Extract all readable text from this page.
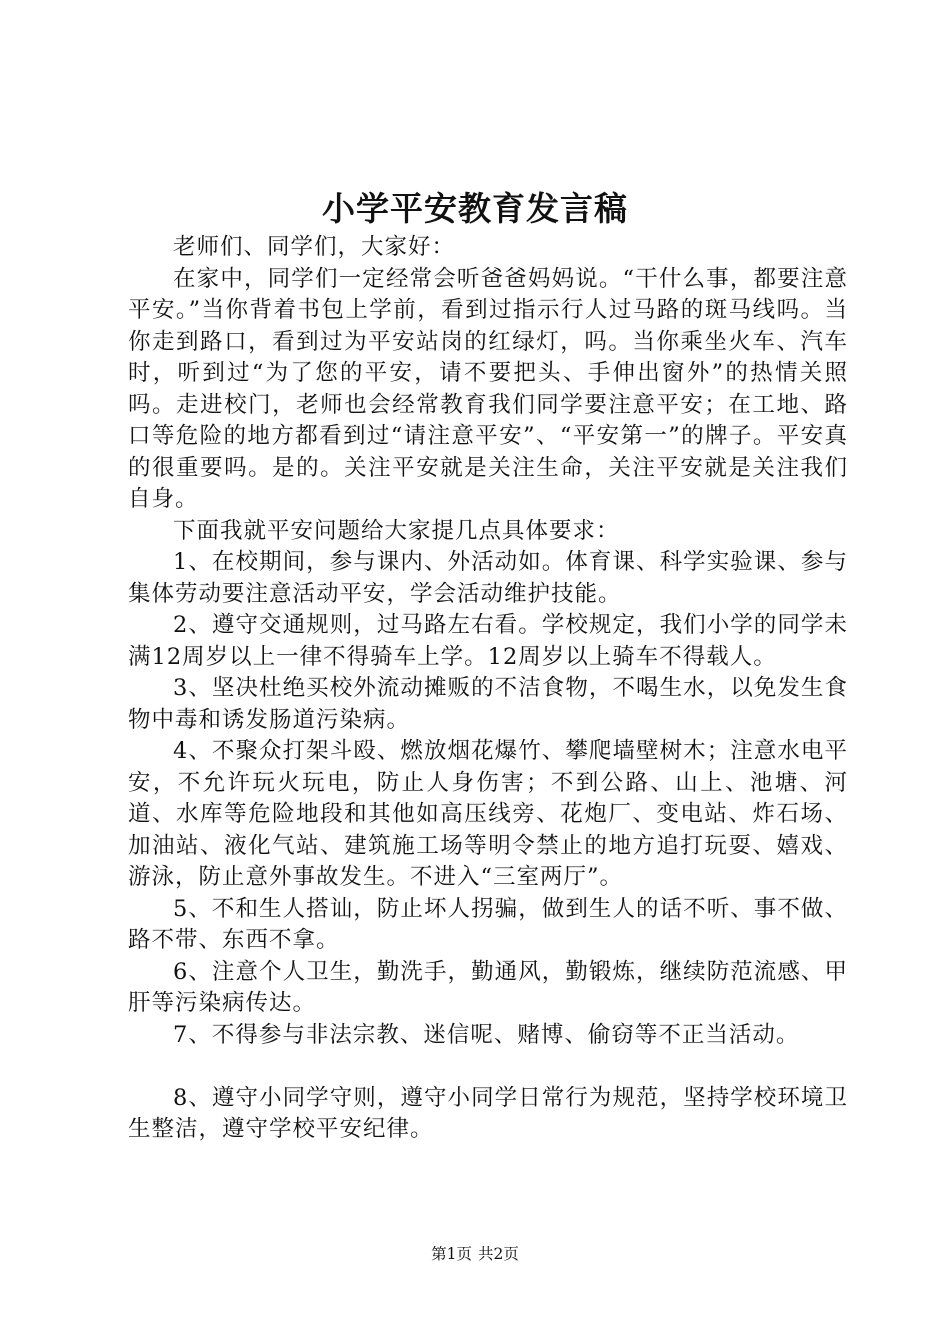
小学平安教育发言稿

老师们、同学们，大家好：

在家中，同学们一定经常会听爸爸妈妈说。“干什么事，都要注意平安。”当你背着书包上学前，看到过指示行人过马路的斑马线吗。当你走到路口，看到过为平安站岗的红绿灯，吗。当你乘坐火车、汽车时，听到过“为了您的平安，请不要把头、手伸出窗外”的热情关照吗。走进校门，老师也会经常教育我们同学要注意平安；在工地、路口等危险的地方都看到过“请注意平安”、“平安第一”的牌子。平安真的很重要吗。是的。关注平安就是关注生命，关注平安就是关注我们自身。

下面我就平安问题给大家提几点具体要求：

1、在校期间，参与课内、外活动如。体育课、科学实验课、参与集体劳动要注意活动平安，学会活动维护技能。

2、遵守交通规则，过马路左右看。学校规定，我们小学的同学未满12周岁以上一律不得骑车上学。12周岁以上骑车不得载人。

3、坚决杜绝买校外流动摊贩的不洁食物，不喝生水，以免发生食物中毒和诱发肠道污染病。

4、不聚众打架斗殴、燃放烟花爆竹、攀爬墙壁树木；注意水电平安，不允许玩火玩电，防止人身伤害；不到公路、山上、池塘、河道、水库等危险地段和其他如高压线旁、花炮厂、变电站、炸石场、加油站、液化气站、建筑施工场等明令禁止的地方追打玩耍、嬉戏、游泳，防止意外事故发生。不进入“三室两厅”。

5、不和生人搭讪，防止坏人拐骗，做到生人的话不听、事不做、路不带、东西不拿。

6、注意个人卫生，勤洗手，勤通风，勤锻炼，继续防范流感、甲肝等污染病传达。

7、不得参与非法宗教、迷信呢、赌博、偷窃等不正当活动。

8、遵守小同学守则，遵守小同学日常行为规范，坚持学校环境卫生整洁，遵守学校平安纪律。

第1页 共2页
